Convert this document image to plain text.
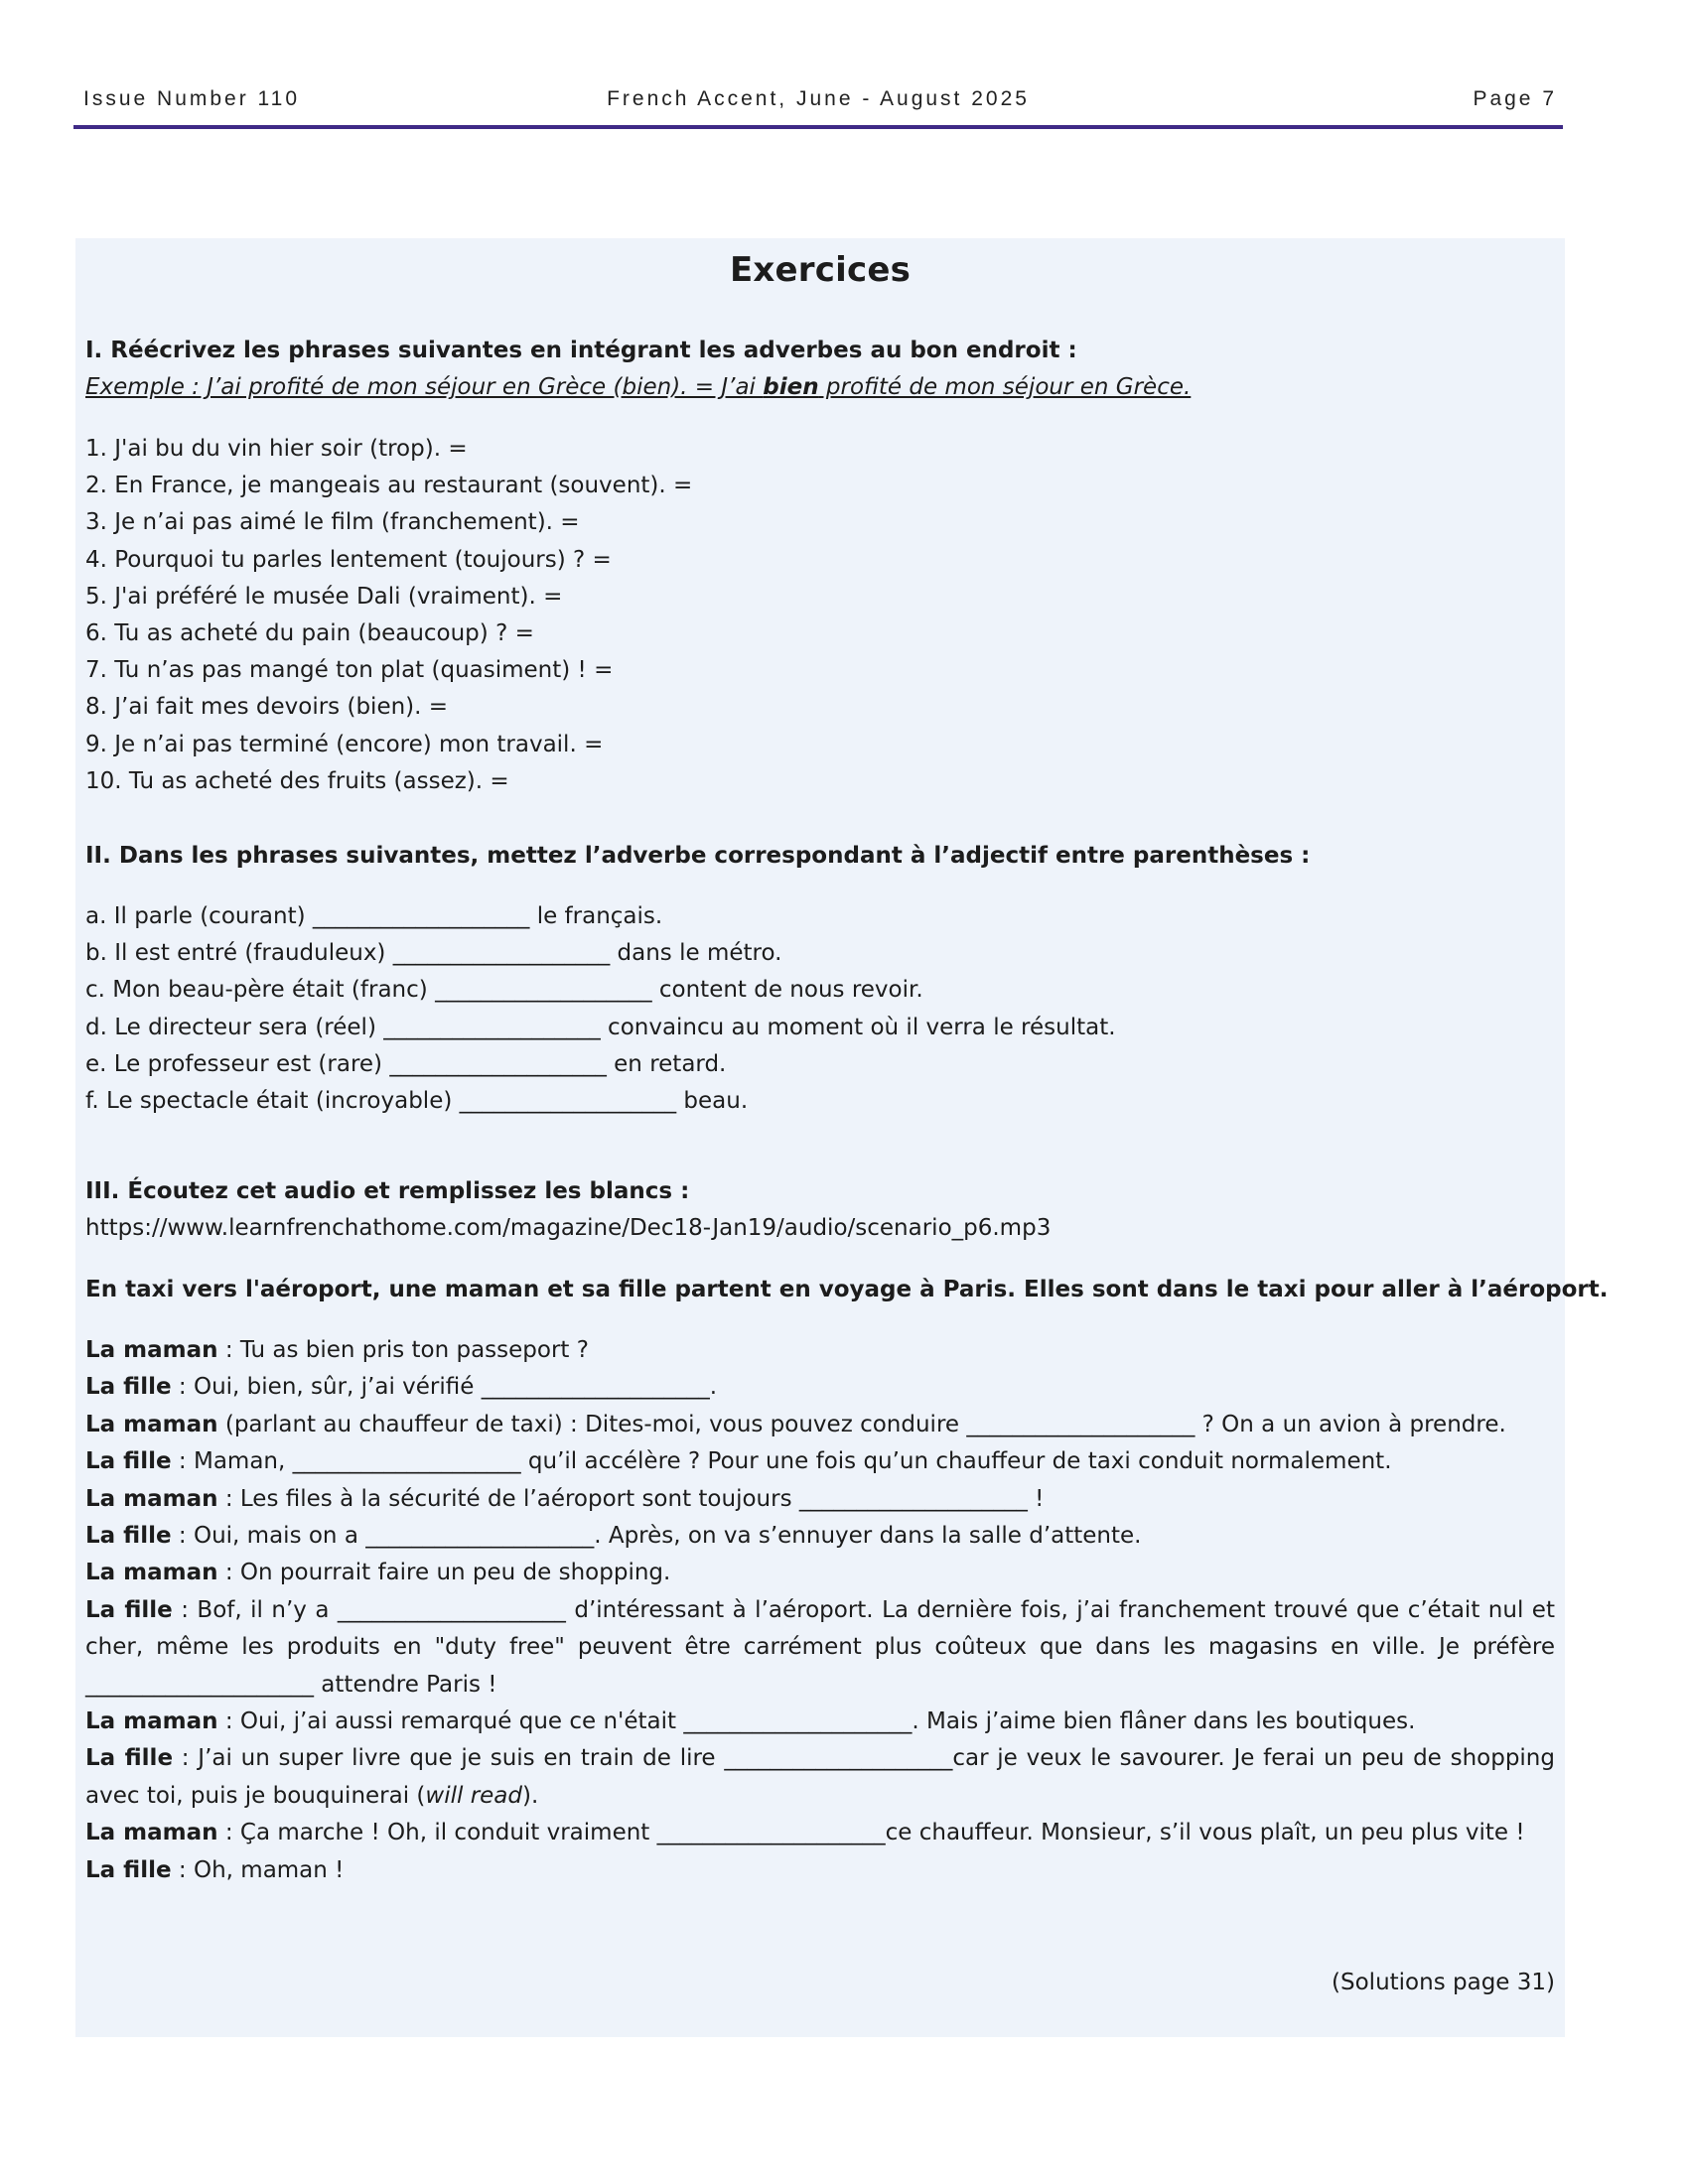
Issue Number 110	French Accent, June - August 2025	Page 7
Exercices
I. Réécrivez les phrases suivantes en intégrant les adverbes au bon endroit :
Exemple : J’ai profité de mon séjour en Grèce (bien). = J’ai bien profité de mon séjour en Grèce.
1. J'ai bu du vin hier soir (trop). =
2. En France, je mangeais au restaurant (souvent). =
3. Je n’ai pas aimé le film (franchement). =
4. Pourquoi tu parles lentement (toujours) ? =
5. J'ai préféré le musée Dali (vraiment). =
6. Tu as acheté du pain (beaucoup) ? =
7. Tu n’as pas mangé ton plat (quasiment) ! =
8. J’ai fait mes devoirs (bien). =
9. Je n’ai pas terminé (encore) mon travail. =
10. Tu as acheté des fruits (assez). =
II. Dans les phrases suivantes, mettez l’adverbe correspondant à l’adjectif entre parenthèses :
a. Il parle (courant) ___________________ le français.
b. Il est entré (frauduleux) ___________________ dans le métro.
c. Mon beau-père était (franc) ___________________ content de nous revoir.
d. Le directeur sera (réel) ___________________ convaincu au moment où il verra le résultat.
e. Le professeur est (rare) ___________________ en retard.
f. Le spectacle était (incroyable) ___________________ beau.
III. Écoutez cet audio et remplissez les blancs :
https://www.learnfrenchathome.com/magazine/Dec18-Jan19/audio/scenario_p6.mp3
En taxi vers l'aéroport, une maman et sa fille partent en voyage à Paris. Elles sont dans le taxi pour aller à l’aéroport.

La maman : Tu as bien pris ton passeport ?

La fille : Oui, bien, sûr, j’ai vérifié ____________________.

La maman (parlant au chauffeur de taxi) : Dites-moi, vous pouvez conduire ____________________ ? On a un avion à prendre.

La fille : Maman, ____________________ qu’il accélère ? Pour une fois qu’un chauffeur de taxi conduit normalement.

La maman : Les files à la sécurité de l’aéroport sont toujours ____________________ !

La fille : Oui, mais on a ____________________. Après, on va s’ennuyer dans la salle d’attente.

La maman : On pourrait faire un peu de shopping.

La fille : Bof, il n’y a ____________________ d’intéressant à l’aéroport. La dernière fois, j’ai franchement trouvé que c’était nul et cher, même les produits en "duty free" peuvent être carrément plus coûteux que dans les magasins en ville. Je préfère ____________________ attendre Paris !

La maman : Oui, j’ai aussi remarqué que ce n'était ____________________. Mais j’aime bien flâner dans les boutiques.

La fille : J’ai un super livre que je suis en train de lire ____________________car je veux le savourer. Je ferai un peu de shopping avec toi, puis je bouquinerai (will read).

La maman : Ça marche ! Oh, il conduit vraiment ____________________ce chauffeur. Monsieur, s’il vous plaît, un peu plus vite !

La fille : Oh, maman !

(Solutions page 31)
